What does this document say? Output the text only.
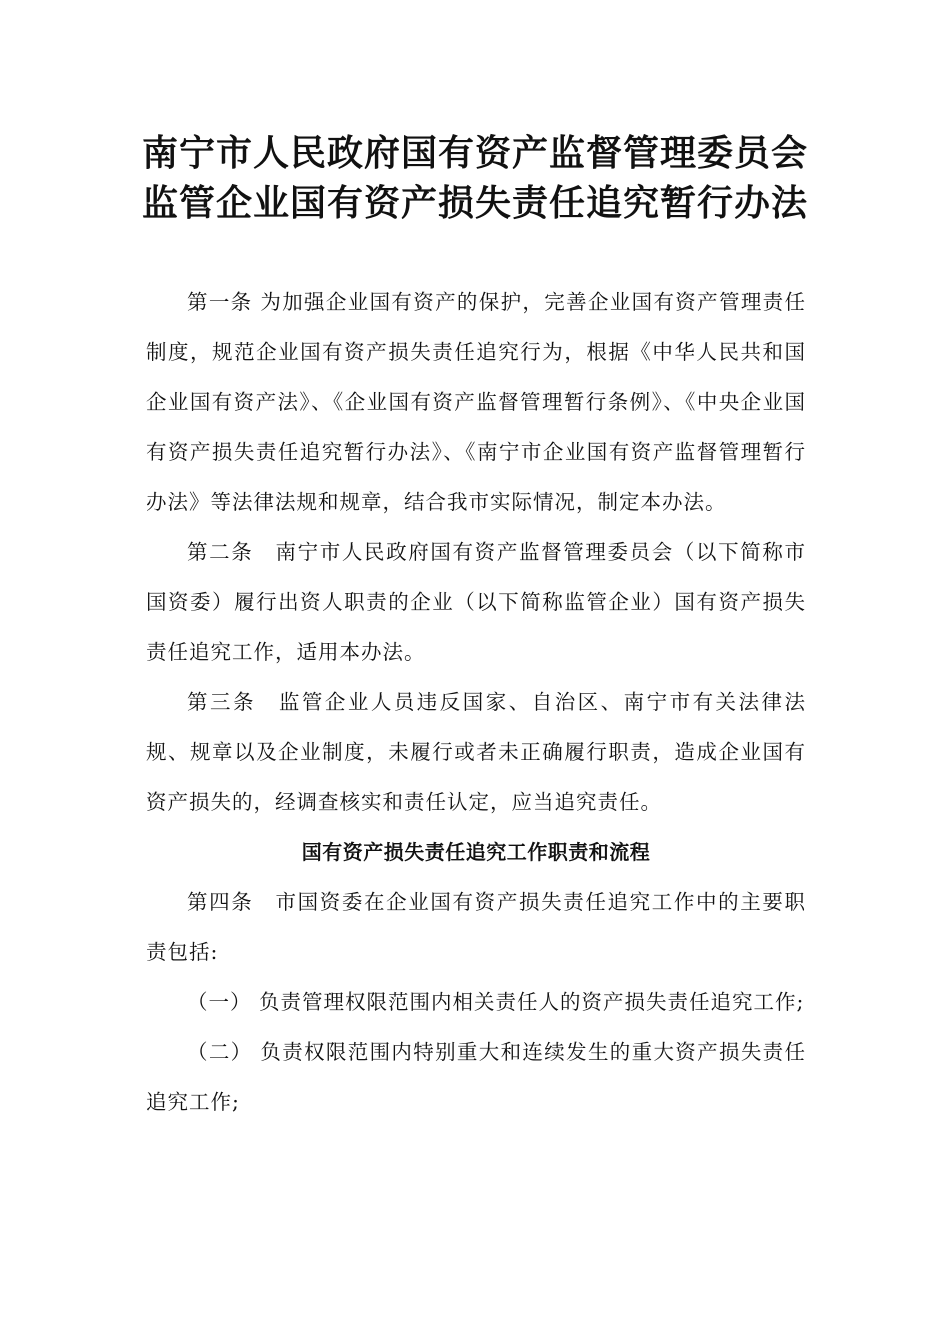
南宁市人民政府国有资产监督管理委员会
监管企业国有资产损失责任追究暂行办法

第一条 为加强企业国有资产的保护，完善企业国有资产管理责任制度，规范企业国有资产损失责任追究行为，根据《中华人民共和国企业国有资产法》、《企业国有资产监督管理暂行条例》、《中央企业国有资产损失责任追究暂行办法》、《南宁市企业国有资产监督管理暂行办法》等法律法规和规章，结合我市实际情况，制定本办法。

第二条　南宁市人民政府国有资产监督管理委员会（以下简称市国资委）履行出资人职责的企业（以下简称监管企业）国有资产损失责任追究工作，适用本办法。

第三条　监管企业人员违反国家、自治区、南宁市有关法律法规、规章以及企业制度，未履行或者未正确履行职责，造成企业国有资产损失的，经调查核实和责任认定，应当追究责任。

国有资产损失责任追究工作职责和流程

第四条　市国资委在企业国有资产损失责任追究工作中的主要职责包括:

（一） 负责管理权限范围内相关责任人的资产损失责任追究工作;

（二） 负责权限范围内特别重大和连续发生的重大资产损失责任追究工作;
